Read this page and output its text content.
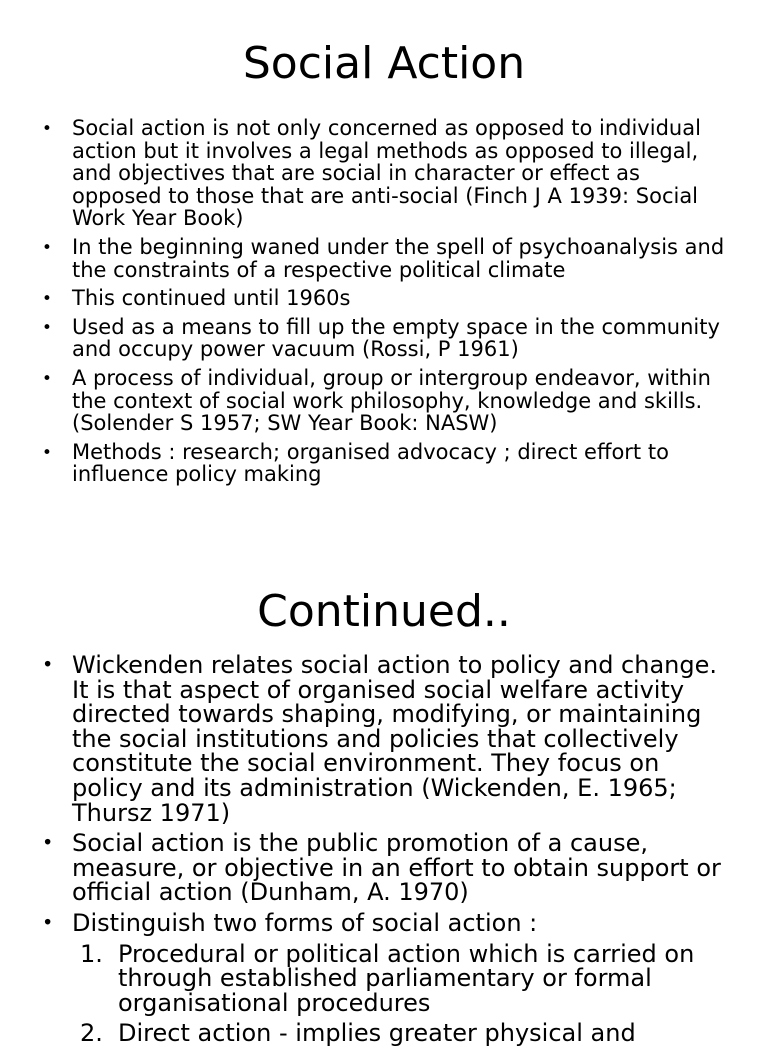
Social Action
• Social action is not only concerned as opposed to individual action but it involves a legal methods as opposed to illegal, and objectives that are social in character or effect as opposed to those that are anti-social (Finch J A 1939: Social Work Year Book)
• In the beginning waned under the spell of psychoanalysis and the constraints of a respective political climate
• This continued until 1960s
• Used as a means to fill up the empty space in the community and occupy power vacuum (Rossi, P 1961)
• A process of individual, group or intergroup endeavor, within the context of social work philosophy, knowledge and skills. (Solender S 1957; SW Year Book: NASW)
• Methods : research; organised advocacy ; direct effort to influence policy making
Continued..
• Wickenden relates social action to policy and change. It is that aspect of organised social welfare activity directed towards shaping, modifying, or maintaining the social institutions and policies that collectively constitute the social environment. They focus on policy and its administration (Wickenden, E. 1965; Thursz 1971)
• Social action is the public promotion of a cause, measure, or objective in an effort to obtain support or official action (Dunham, A. 1970)
• Distinguish two forms of social action :
1. Procedural or political action which is carried on through established parliamentary or formal organisational procedures
2. Direct action - implies greater physical and
